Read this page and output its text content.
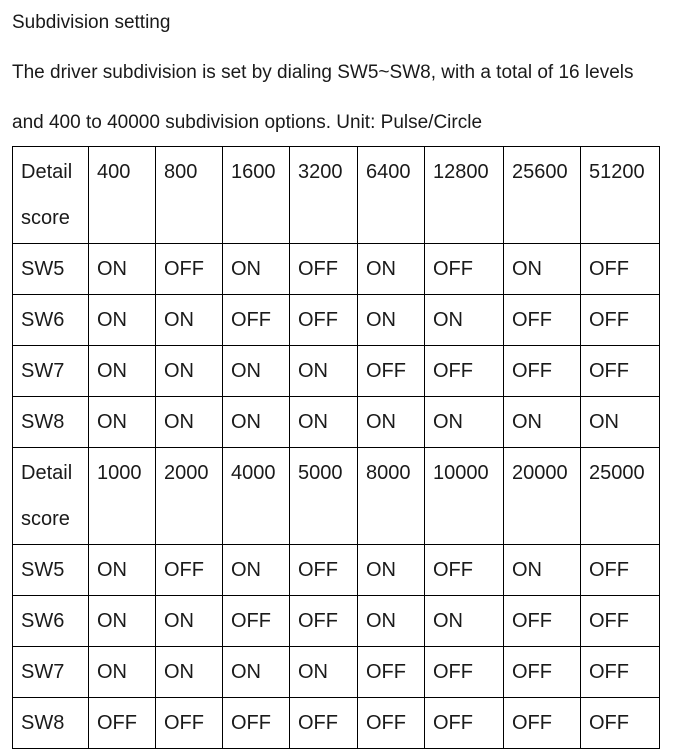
Subdivision setting
The driver subdivision is set by dialing SW5~SW8, with a total of 16 levels
and 400 to 40000 subdivision options. Unit: Pulse/Circle
Detail score	400	800	1600	3200	6400	12800	25600	51200
SW5	ON	OFF	ON	OFF	ON	OFF	ON	OFF
SW6	ON	ON	OFF	OFF	ON	ON	OFF	OFF
SW7	ON	ON	ON	ON	OFF	OFF	OFF	OFF
SW8	ON	ON	ON	ON	ON	ON	ON	ON
Detail score	1000	2000	4000	5000	8000	10000	20000	25000
SW5	ON	OFF	ON	OFF	ON	OFF	ON	OFF
SW6	ON	ON	OFF	OFF	ON	ON	OFF	OFF
SW7	ON	ON	ON	ON	OFF	OFF	OFF	OFF
SW8	OFF	OFF	OFF	OFF	OFF	OFF	OFF	OFF
